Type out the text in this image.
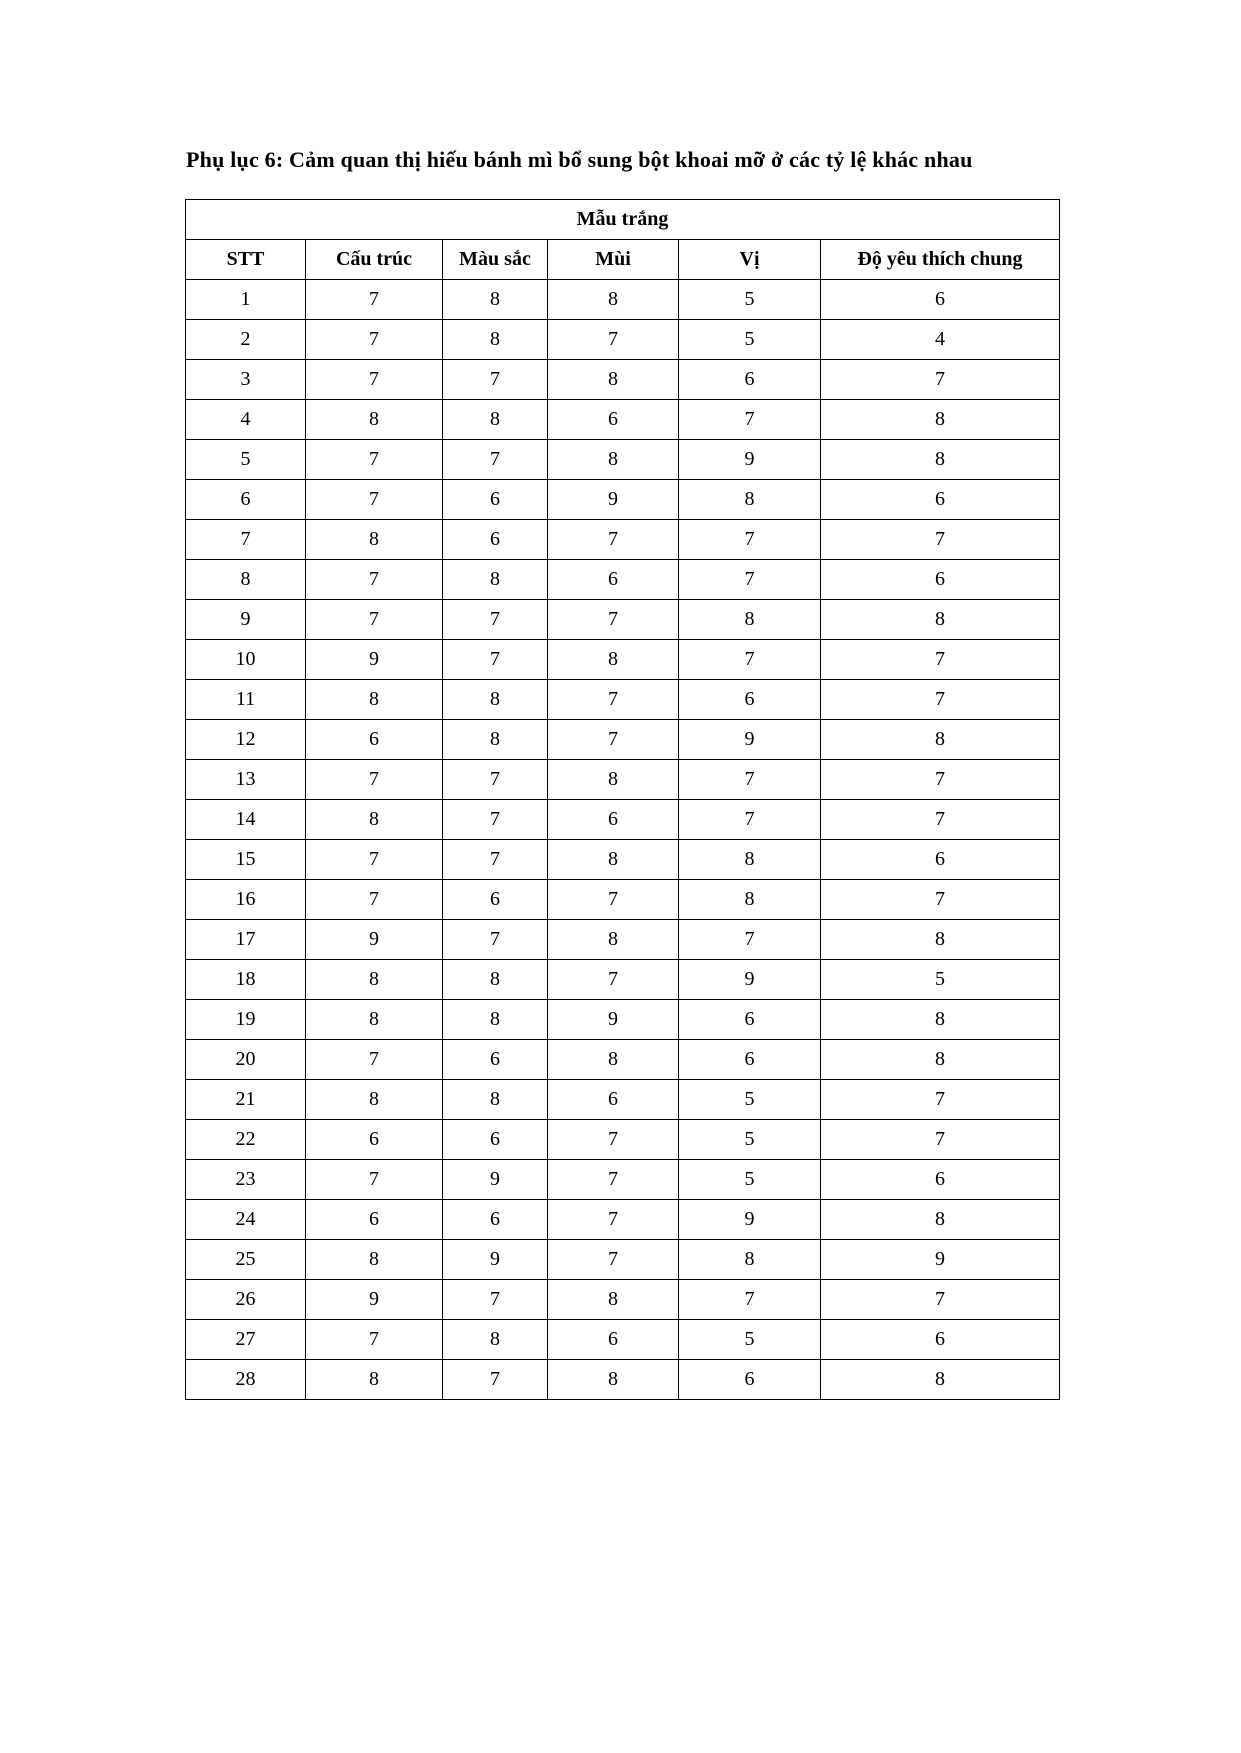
Phụ lục 6: Cảm quan thị hiếu bánh mì bổ sung bột khoai mỡ ở các tỷ lệ khác nhau

Mẫu trắng					
STT	Cấu trúc	Màu sắc	Mùi	Vị	Độ yêu thích chung
1	7	8	8	5	6
2	7	8	7	5	4
3	7	7	8	6	7
4	8	8	6	7	8
5	7	7	8	9	8
6	7	6	9	8	6
7	8	6	7	7	7
8	7	8	6	7	6
9	7	7	7	8	8
10	9	7	8	7	7
11	8	8	7	6	7
12	6	8	7	9	8
13	7	7	8	7	7
14	8	7	6	7	7
15	7	7	8	8	6
16	7	6	7	8	7
17	9	7	8	7	8
18	8	8	7	9	5
19	8	8	9	6	8
20	7	6	8	6	8
21	8	8	6	5	7
22	6	6	7	5	7
23	7	9	7	5	6
24	6	6	7	9	8
25	8	9	7	8	9
26	9	7	8	7	7
27	7	8	6	5	6
28	8	7	8	6	8
